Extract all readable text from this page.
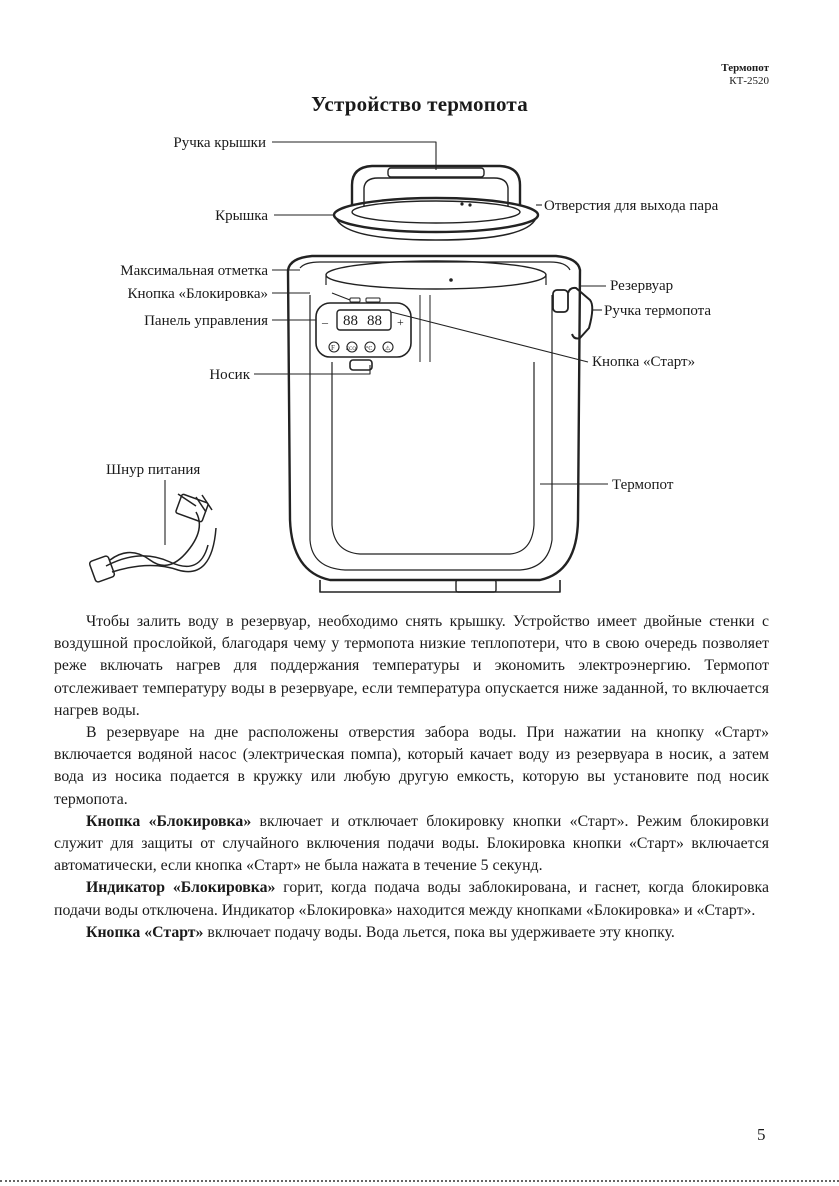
Термопот
КТ-2520
Устройство термопота
88 88
–	+
F ECO °C ⚠
Ручка крышки
Крышка
Отверстия для выхода пара
Максимальная отметка
Кнопка «Блокировка»
Панель управления
Резервуар
Ручка термопота
Кнопка «Старт»
Носик
Шнур питания
Термопот

Чтобы залить воду в резервуар, необходимо снять крышку. Устройство имеет двойные стенки с воздушной прослойкой, благодаря чему у термопота низкие теплопотери, что в свою очередь позволяет реже включать нагрев для поддержания температуры и экономить электроэнергию. Термопот отслеживает температуру воды в резервуаре, если температура опускается ниже заданной, то включается нагрев воды.

В резервуаре на дне расположены отверстия забора воды. При нажатии на кнопку «Старт» включается водяной насос (электрическая помпа), который качает воду из резервуара в носик, а затем вода из носика подается в кружку или любую другую емкость, которую вы установите под носик термопота.

Кнопка «Блокировка» включает и отключает блокировку кнопки «Старт». Режим блокировки служит для защиты от случайного включения подачи воды. Блокировка кнопки «Старт» включается автоматически, если кнопка «Старт» не была нажата в течение 5 секунд.

Индикатор «Блокировка» горит, когда подача воды заблокирована, и гаснет, когда блокировка подачи воды отключена. Индикатор «Блокировка» находится между кнопками «Блокировка» и «Старт».

Кнопка «Старт» включает подачу воды. Вода льется, пока вы удерживаете эту кнопку.

5
